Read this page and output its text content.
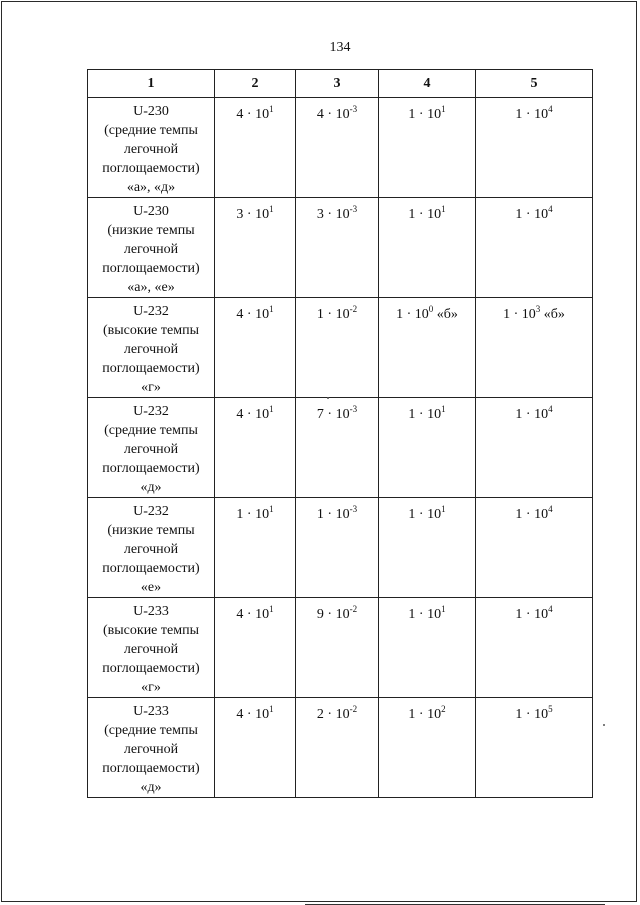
134
1	2	3	4	5

U-230
(средние темпы
легочной
поглощаемости)
«а», «д»	$4 \cdot 10^1$	$4 \cdot 10^{-3}$	$1 \cdot 10^1$	$1 \cdot 10^4$

U-230
(низкие темпы
легочной
поглощаемости)
«а», «е»	$3 \cdot 10^1$	$3 \cdot 10^{-3}$	$1 \cdot 10^1$	$1 \cdot 10^4$

U-232
(высокие темпы
легочной
поглощаемости)
«г»	$4 \cdot 10^1$	$1 \cdot 10^{-2}$	$1 \cdot 10^0$ «б»	$1 \cdot 10^3$ «б»

U-232
(средние темпы
легочной
поглощаемости)
«д»	$4 \cdot 10^1$	$7 \cdot 10^{-3}$	$1 \cdot 10^1$	$1 \cdot 10^4$

U-232
(низкие темпы
легочной
поглощаемости)
«е»	$1 \cdot 10^1$	$1 \cdot 10^{-3}$	$1 \cdot 10^1$	$1 \cdot 10^4$

U-233
(высокие темпы
легочной
поглощаемости)
«г»	$4 \cdot 10^1$	$9 \cdot 10^{-2}$	$1 \cdot 10^1$	$1 \cdot 10^4$

U-233
(средние темпы
легочной
поглощаемости)
«д»	$4 \cdot 10^1$	$2 \cdot 10^{-2}$	$1 \cdot 10^2$	$1 \cdot 10^5$
